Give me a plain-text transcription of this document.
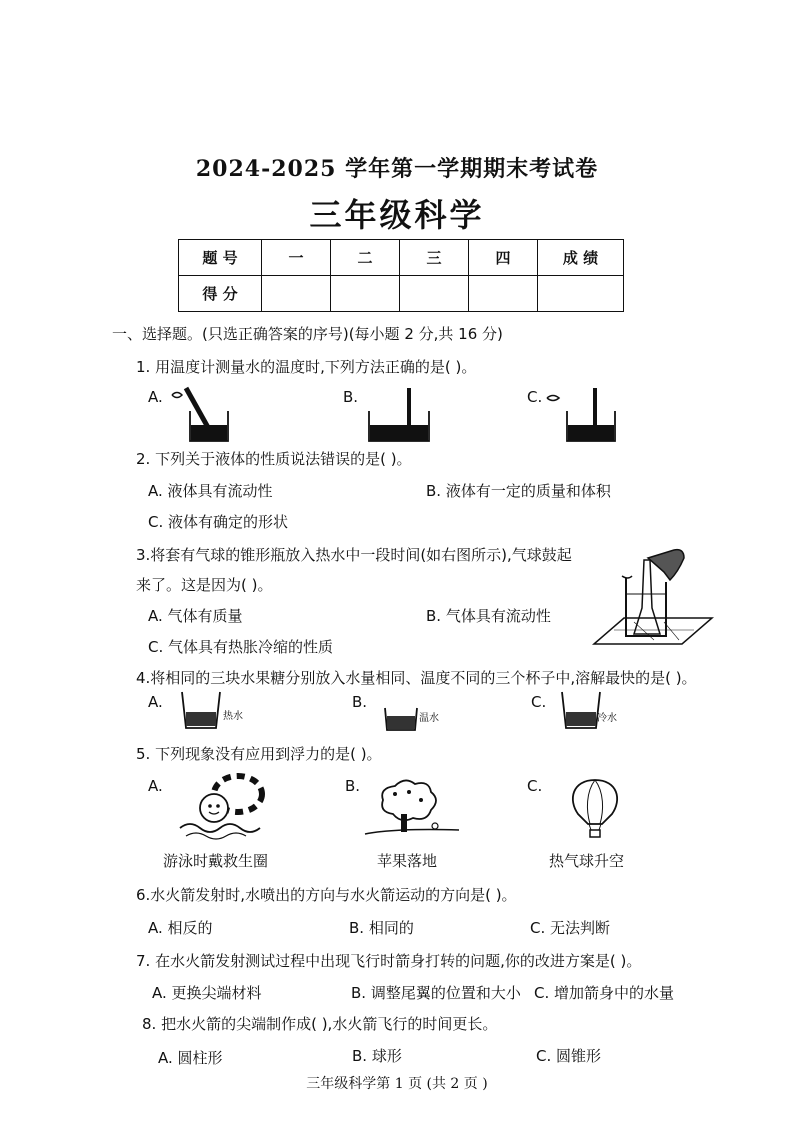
2024-2025 学年第一学期期末考试卷
三年级科学
题 号	一	二	三	四	成 绩
得 分					
一、选择题。(只选正确答案的序号)(每小题 2 分,共 16 分)
1. 用温度计测量水的温度时,下列方法正确的是( )。
A.	B.	C.
2. 下列关于液体的性质说法错误的是( )。
A. 液体具有流动性	B. 液体有一定的质量和体积
C. 液体有确定的形状
3.将套有气球的锥形瓶放入热水中一段时间(如右图所示),气球鼓起
来了。这是因为( )。
A. 气体有质量	B. 气体具有流动性
C. 气体具有热胀冷缩的性质
4.将相同的三块水果糖分别放入水量相同、温度不同的三个杯子中,溶解最快的是( )。
A.	B.	C.
热水	温水	冷水
5. 下列现象没有应用到浮力的是( )。
A.	B.	C.
游泳时戴救生圈	苹果落地	热气球升空
6.水火箭发射时,水喷出的方向与水火箭运动的方向是( )。
A. 相反的	B. 相同的	C. 无法判断
7. 在水火箭发射测试过程中出现飞行时箭身打转的问题,你的改进方案是( )。
A. 更换尖端材料	B. 调整尾翼的位置和大小 C. 增加箭身中的水量
8. 把水火箭的尖端制作成( ),水火箭飞行的时间更长。
A. 圆柱形	B. 球形	C. 圆锥形
三年级科学第 1 页 (共 2 页 )
